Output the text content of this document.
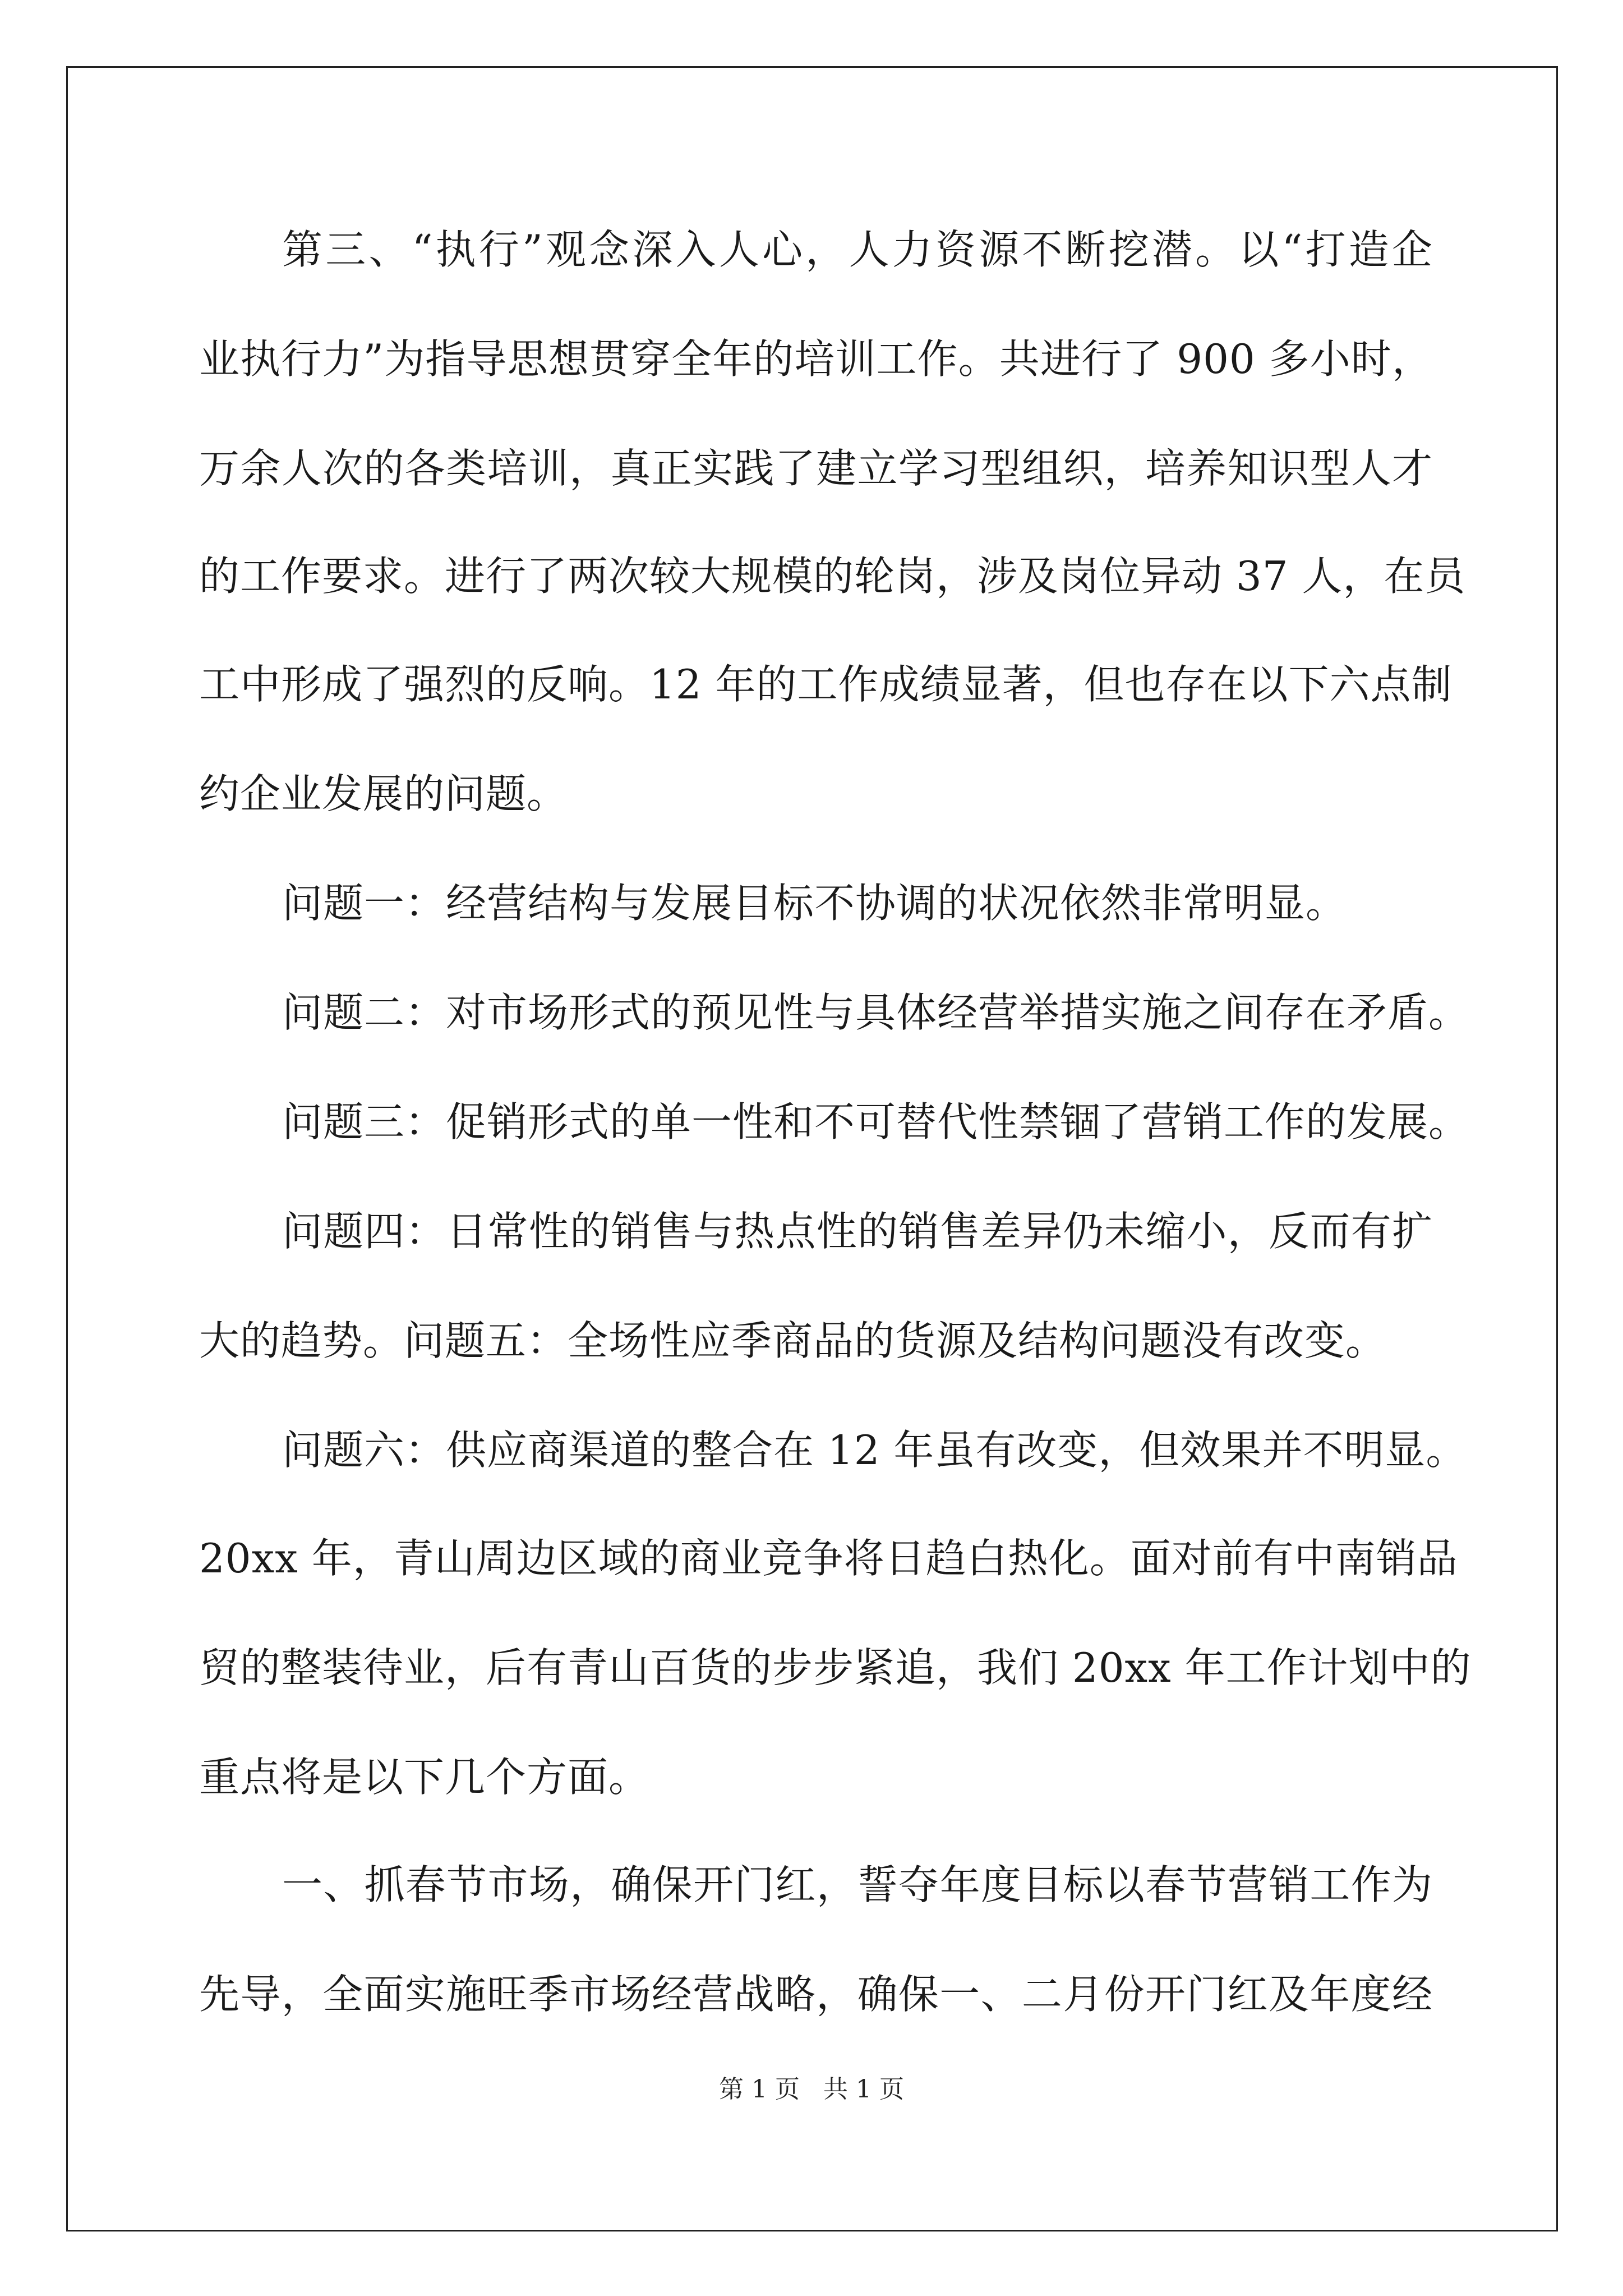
第三、“执行”观念深入人心，人力资源不断挖潜。以“打造企
业执行力”为指导思想贯穿全年的培训工作。共进行了 900 多小时，
万余人次的各类培训，真正实践了建立学习型组织，培养知识型人才
的工作要求。进行了两次较大规模的轮岗，涉及岗位异动 37 人，在员
工中形成了强烈的反响。12 年的工作成绩显著，但也存在以下六点制
约企业发展的问题。
问题一：经营结构与发展目标不协调的状况依然非常明显。
问题二：对市场形式的预见性与具体经营举措实施之间存在矛盾。
问题三：促销形式的单一性和不可替代性禁锢了营销工作的发展。
问题四：日常性的销售与热点性的销售差异仍未缩小，反而有扩
大的趋势。问题五：全场性应季商品的货源及结构问题没有改变。
问题六：供应商渠道的整合在 12 年虽有改变，但效果并不明显。
20xx 年，青山周边区域的商业竞争将日趋白热化。面对前有中南销品
贸的整装待业，后有青山百货的步步紧追，我们 20xx 年工作计划中的
重点将是以下几个方面。
一、抓春节市场，确保开门红，誓夺年度目标以春节营销工作为
先导，全面实施旺季市场经营战略，确保一、二月份开门红及年度经
第 1 页 共 1 页
